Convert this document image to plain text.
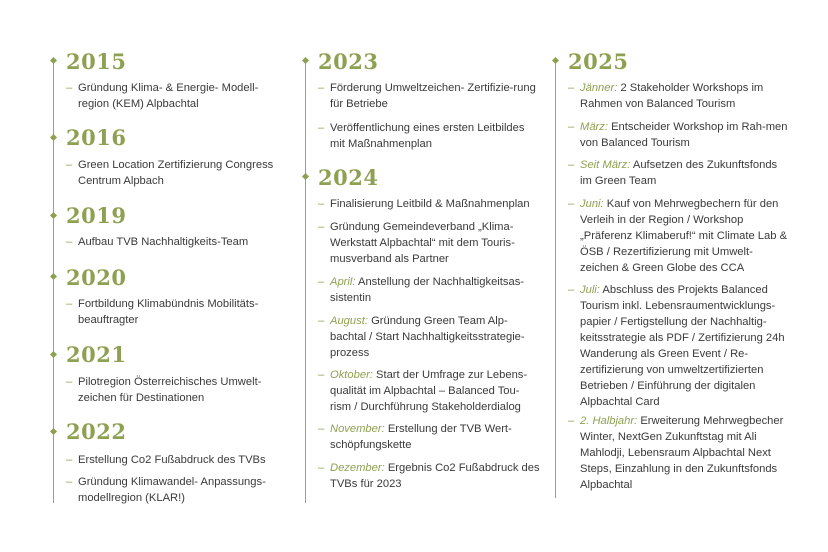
2015
– Gründung Klima- & Energie- Modell-region (KEM) Alpbachtal
2016
– Green Location Zertifizierung Congress Centrum Alpbach
2019
– Aufbau TVB Nachhaltigkeits-Team
2020
– Fortbildung Klimabündnis Mobilitäts-beauftragter
2021
– Pilotregion Österreichisches Umwelt-zeichen für Destinationen
2022
– Erstellung Co2 Fußabdruck des TVBs
– Gründung Klimawandel- Anpassungs-modellregion (KLAR!)
2023
– Förderung Umweltzeichen- Zertifizie-rung für Betriebe
– Veröffentlichung eines ersten Leitbildes mit Maßnahmenplan
2024
– Finalisierung Leitbild & Maßnahmenplan
– Gründung Gemeindeverband „Klima-Werkstatt Alpbachtal“ mit dem Touris-musverband als Partner
– April: Anstellung der Nachhaltigkeitsas-sistentin
– August: Gründung Green Team Alp-bachtal / Start Nachhaltigkeitsstrategie-prozess
– Oktober: Start der Umfrage zur Lebens-qualität im Alpbachtal – Balanced Tou-rism / Durchführung Stakeholderdialog
– November: Erstellung der TVB Wert-schöpfungskette
– Dezember: Ergebnis Co2 Fußabdruck des TVBs für 2023
2025
– Jänner: 2 Stakeholder Workshops im Rahmen von Balanced Tourism
– März: Entscheider Workshop im Rah-men von Balanced Tourism
– Seit März: Aufsetzen des Zukunftsfonds im Green Team
– Juni: Kauf von Mehrwegbechern für den Verleih in der Region / Workshop „Präferenz Klimaberuf!“ mit Climate Lab & ÖSB / Rezertifizierung mit Umwelt-zeichen & Green Globe des CCA
– Juli: Abschluss des Projekts Balanced Tourism inkl. Lebensraumentwicklungs-papier / Fertigstellung der Nachhaltig-keitsstrategie als PDF / Zertifizierung 24h Wanderung als Green Event / Re-zertifizierung von umweltzertifizierten Betrieben / Einführung der digitalen Alpbachtal Card
– 2. Halbjahr: Erweiterung Mehrwegbecher Winter, NextGen Zukunftstag mit Ali Mahlodji, Lebensraum Alpbachtal Next Steps, Einzahlung in den Zukunftsfonds Alpbachtal
